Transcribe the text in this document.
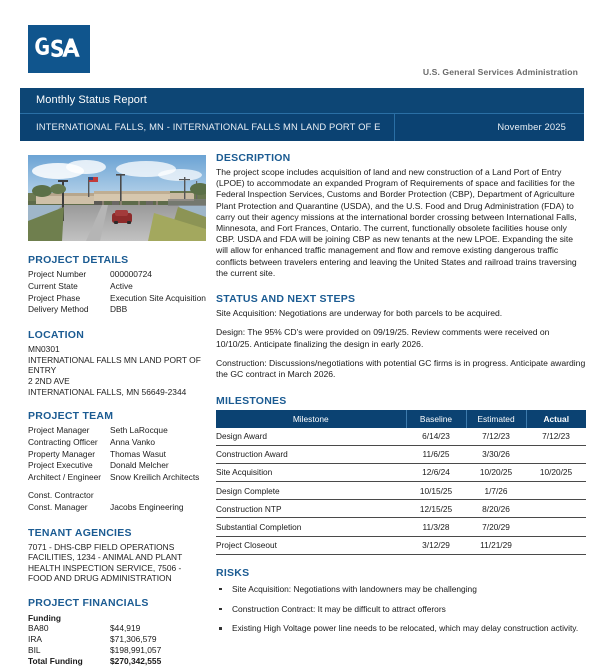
U.S. General Services Administration
Monthly Status Report
INTERNATIONAL FALLS, MN - INTERNATIONAL FALLS MN LAND PORT OF E	November 2025
PROJECT DETAILS
Project Number	000000724
Current State	Active
Project Phase	Execution Site Acquisition
Delivery Method	DBB
LOCATION
MN0301
INTERNATIONAL FALLS MN LAND PORT OF ENTRY
2 2ND AVE
INTERNATIONAL FALLS, MN 56649-2344
PROJECT TEAM
Project Manager	Seth LaRocque
Contracting Officer	Anna Vanko
Property Manager	Thomas Wasut
Project Executive	Donald Melcher
Architect / Engineer	Snow Kreilich Architects
Const. Contractor
Const. Manager	Jacobs Engineering
TENANT AGENCIES
7071 - DHS-CBP FIELD OPERATIONS FACILITIES, 1234 - ANIMAL AND PLANT HEALTH INSPECTION SERVICE, 7506 - FOOD AND DRUG ADMINISTRATION
PROJECT FINANCIALS
Funding
BA80	$44,919
IRA	$71,306,579
BIL	$198,991,057
Total Funding	$270,342,555
DESCRIPTION
The project scope includes acquisition of land and new construction of a Land Port of Entry (LPOE) to accommodate an expanded Program of Requirements of space and facilities for the Federal Inspection Services, Customs and Border Protection (CBP), Department of Agriculture Plant Protection and Quarantine (USDA), and the U.S. Food and Drug Administration (FDA) to carry out their agency missions at the international border crossing between International Falls, Minnesota, and Fort Frances, Ontario. The current, functionally obsolete facilities house only CBP. USDA and FDA will be joining CBP as new tenants at the new LPOE. Expanding the site will allow for enhanced traffic management and flow and remove existing dangerous traffic conflicts between travelers entering and leaving the United States and railroad trains traversing the current site.
STATUS AND NEXT STEPS
Site Acquisition: Negotiations are underway for both parcels to be acquired.
Design: The 95% CD's were provided on 09/19/25. Review comments were received on 10/10/25. Anticipate finalizing the design in early 2026.
Construction: Discussions/negotiations with potential GC firms is in progress. Anticipate awarding the GC contract in March 2026.
MILESTONES
Milestone	Baseline	Estimated	Actual
Design Award	6/14/23	7/12/23	7/12/23
Construction Award	11/6/25	3/30/26	
Site Acquisition	12/6/24	10/20/25	10/20/25
Design Complete	10/15/25	1/7/26	
Construction NTP	12/15/25	8/20/26	
Substantial Completion	11/3/28	7/20/29	
Project Closeout	3/12/29	11/21/29	
RISKS
Site Acquisition: Negotiations with landowners may be challenging
Construction Contract: It may be difficult to attract offerors
Existing High Voltage power line needs to be relocated, which may delay construction activity.
